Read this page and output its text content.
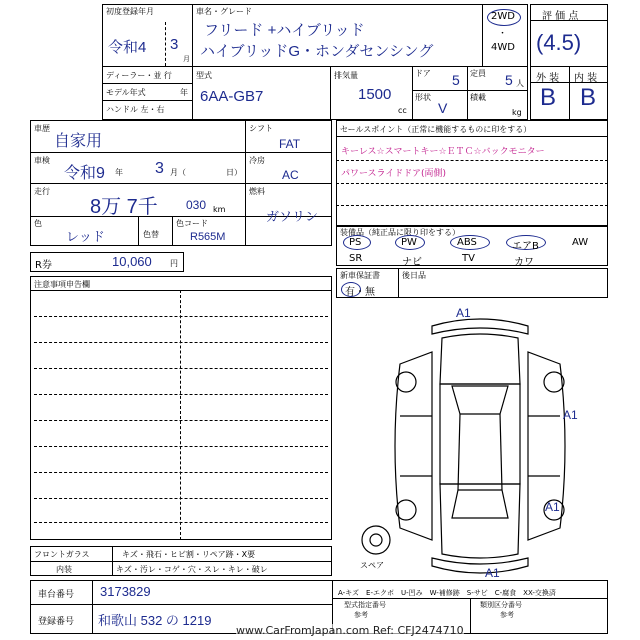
初度登録年月
令和4 3
月
車名・グレード
フリード +ハイブリッド
ハイブリッドG・ホンダセンシング
2WD
・
4WD
ディーラー・並 行
モデル年式	年
ハンドル 左・右
型式
6AA-GB7
排気量
1500
cc
ドア 5 定員 5 人
形状
V
積載
kg
評 価 点
(4.5)
外 装 内 装
B B
車歴
自家用
車検
令和9 年 3 月（	日）
走行
8万 7千 030 km
色
レッド	色替
色コード
R565M
シフト
FAT
冷房
AC
燃料
ガソリン
R券	10,060 円
セールスポイント（正常に機能するものに印をする）
キーレス☆スマートキー☆ＥＴＣ☆バックモニター
パワースライドドア(両側)
装備品（純正品に限り印をする）
PS	PW	ABS	エアB	AW
SR	ナビ	TV	カワ
新車保証書
有・無
後日品
注意事項申告欄
A1
A1
A1
A1
スペア
フロントガラス	キズ・飛石・ヒビ割・リペア跡・X要
内装	キズ・汚レ・コゲ・穴・スレ・キレ・破レ
A-キズ　E-エクボ　U-凹み　W-補修跡　S-サビ　C-腐食　XX-交換済
車台番号 3173829
登録番号 和歌山 532 の 1219
型式指定番号
参考
類別区分番号
参考
www.CarFromJapan.com Ref: CFJ2474710
